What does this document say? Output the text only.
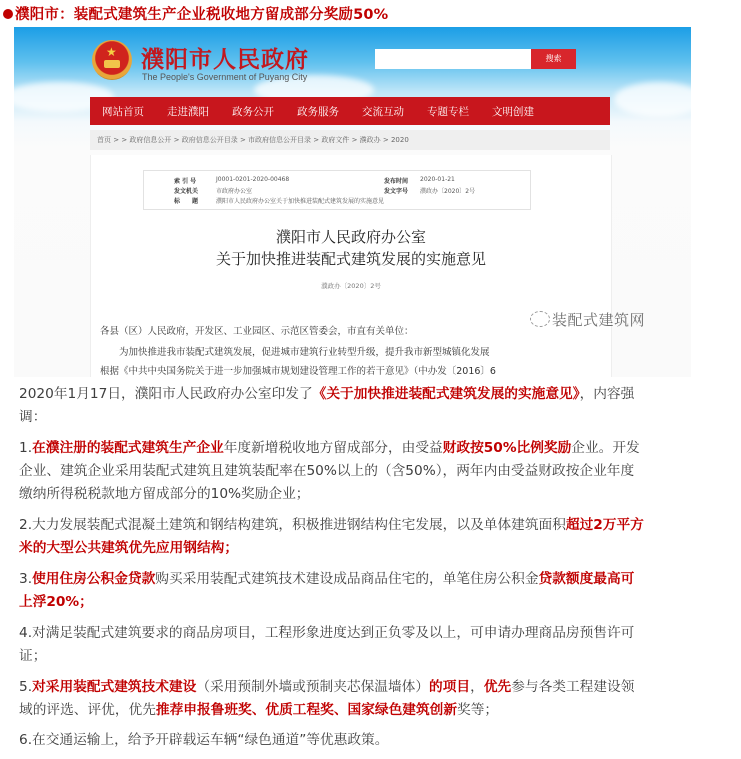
濮阳市：装配式建筑生产企业税收地方留成部分奖励50%
★ 濮阳市人民政府
The People's Government of Puyang City
搜索
网站首页	走进濮阳	政务公开	政务服务	交流互动	专题专栏	文明创建
首页 > > 政府信息公开 > 政府信息公开目录 > 市政府信息公开目录 > 政府文件 > 濮政办 > 2020
索 引 号	J0001-0201-2020-00468	发布时间 2020-01-21
发文机关	市政府办公室	发文字号 濮政办〔2020〕2号
标　　题	濮阳市人民政府办公室关于加快推进装配式建筑发展的实施意见
濮阳市人民政府办公室
关于加快推进装配式建筑发展的实施意见
濮政办〔2020〕2号
各县（区）人民政府，开发区、工业园区、示范区管委会，市直有关单位：
　　为加快推进我市装配式建筑发展，促进城市建筑行业转型升级，提升我市新型城镇化发展
根据《中共中央国务院关于进一步加强城市规划建设管理工作的若干意见》（中办发〔2016〕6
装配式建筑网
2020年1月17日，濮阳市人民政府办公室印发了《关于加快推进装配式建筑发展的实施意见》，内容强
调：
1.在濮注册的装配式建筑生产企业年度新增税收地方留成部分，由受益财政按50%比例奖励企业。开发
企业、建筑企业采用装配式建筑且建筑装配率在50%以上的（含50%），两年内由受益财政按企业年度
缴纳所得税税款地方留成部分的10%奖励企业；
2.大力发展装配式混凝土建筑和钢结构建筑，积极推进钢结构住宅发展，以及单体建筑面积超过2万平方
米的大型公共建筑优先应用钢结构；
3.使用住房公积金贷款购买采用装配式建筑技术建设成品商品住宅的，单笔住房公积金贷款额度最高可
上浮20%；
4.对满足装配式建筑要求的商品房项目，工程形象进度达到正负零及以上，可申请办理商品房预售许可
证；
5.对采用装配式建筑技术建设（采用预制外墙或预制夹芯保温墙体）的项目，优先参与各类工程建设领
域的评选、评优，优先推荐申报鲁班奖、优质工程奖、国家绿色建筑创新奖等；
6.在交通运输上，给予开辟载运车辆“绿色通道”等优惠政策。
